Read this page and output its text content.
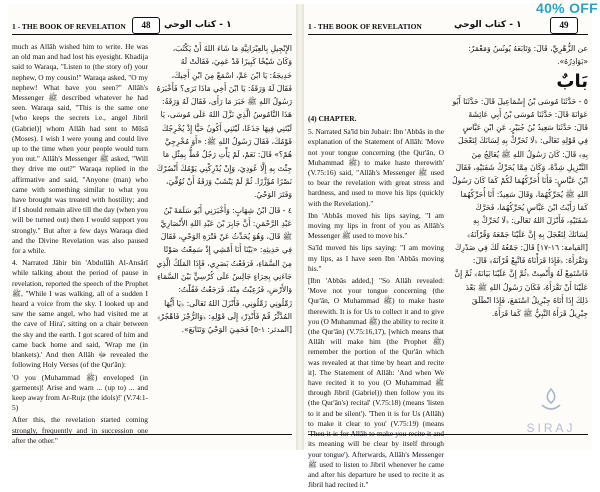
1 - THE BOOK OF REVELATION	48	١ - كتاب الوحي

much as Allâh wished him to write. He was an old man and had lost his eyesight. Khadija said to Waraqa, "Listen to (the story of) your nephew, O my cousin!" Waraqa asked, "O my nephew! What have you seen?" Allâh's Messenger ﷺ described whatever he had seen. Waraqa said, "This is the same one [who keeps the secrets i.e., angel Jibril (Gabriel)] whom Allâh had sent to Mûsâ (Moses). I wish I were young and could live up to the time when your people would turn you out." Allâh's Messenger ﷺ asked, "Will they drive me out?" Waraqa replied in the affirmative and said, "Anyone (man) who came with something similar to what you have brought was treated with hostility; and if I should remain alive till the day (when you will be turned out) then I would support you strongly." But after a few days Waraqa died and the Divine Revelation was also paused for a while.

4. Narrated Jâbir bin 'Abdullâh Al-Ansârî while talking about the period of pause in revelation, reported the speech of the Prophet ﷺ, "While I was walking, all of a sudden I heard a voice from the sky. I looked up and saw the same angel, who had visited me at the cave of Hira', sitting on a chair between the sky and the earth. I got scared of him and came back home and said, 'Wrap me (in blankets).' And then Allâh ﷻ revealed the following Holy Verses (of the Qur'ân):

'O you (Muhammad ﷺ) enveloped (in garments)! Arise and warn ... (up to) ... and keep away from Ar-Rujz (the idols)!' (V.74:1-5)

After this, the revelation started coming strongly, frequently and in succession one after the other."

الإِنْجِيلِ بِالعِبْرَانِيَّةِ مَا شَاءَ اللهُ أَنْ يَكْتُبَ، وَكَانَ شَيْخًا كَبِيرًا قَدْ عَمِيَ، فَقَالَتْ لَهُ خَدِيجَةُ: يَا ابْنَ عَمِّ، اسْمَعْ مِنَ ابْنِ أَخِيكَ، فَقَالَ لَهُ وَرَقَةُ: يَا ابْنَ أَخِي مَاذَا تَرَى؟ فَأَخْبَرَهُ رَسُولُ اللهِ ﷺ خَبَرَ مَا رَأَى، فَقَالَ لَهُ وَرَقَةُ: هَذَا النَّامُوسُ الَّذِي نَزَّلَ اللهُ عَلَى مُوسَى، يَا لَيْتَنِي فِيهَا جَذَعًا، لَيْتَنِي أَكُونُ حَيًّا إِذْ يُخْرِجُكَ قَوْمُكَ، فَقَالَ رَسُولُ اللهِ ﷺ: «أَوَ مُخْرِجِيَّ هُمْ؟» قَالَ: نَعَمْ، لَمْ يَأْتِ رَجُلٌ قَطُّ بِمِثْلِ مَا جِئْتَ بِهِ إِلَّا عُودِيَ، وَإِنْ يُدْرِكْنِي يَوْمُكَ أَنْصُرْكَ نَصْرًا مُؤَزَّرًا. ثُمَّ لَمْ يَنْشَبْ وَرَقَةُ أَنْ تُوُفِّيَ، وَفَتَرَ الوَحْيُ.

٤ - قَالَ ابْنُ شِهَابٍ: وَأَخْبَرَنِي أَبُو سَلَمَةَ بْنُ عَبْدِ الرَّحْمَنِ: أَنَّ جَابِرَ بْنَ عَبْدِ اللهِ الأَنْصَارِيَّ ﷺ قَالَ، وَهُوَ يُحَدِّثُ عَنْ فَتْرَةِ الوَحْيِ، فَقَالَ فِي حَدِيثِهِ: «بَيْنَا أَنَا أَمْشِي إِذْ سَمِعْتُ صَوْتًا مِنَ السَّمَاءِ، فَرَفَعْتُ بَصَرِي، فَإِذَا المَلَكُ الَّذِي جَاءَنِي بِحِرَاءٍ جَالِسٌ عَلَى كُرْسِيٍّ بَيْنَ السَّمَاءِ وَالأَرْضِ، فَرُعِبْتُ مِنْهُ، فَرَجَعْتُ فَقُلْتُ: زَمِّلُونِي زَمِّلُونِي، فَأَنْزَلَ اللهُ تَعَالَى: ﴿يَا أَيُّهَا المُدَّثِّرُ قُمْ فَأَنْذِرْ﴾ إِلَى قَوْلِهِ: ﴿وَالرُّجْزَ فَاهْجُرْ﴾ [المدثر: ١-٥] فَحَمِيَ الوَحْيُ وَتَتَابَعَ».

1 - THE BOOK OF REVELATION	١ - كتاب الوحي	49

(4) CHAPTER.

5. Narrated Sa'îd bin Jubair: Ibn 'Abbâs in the explanation of the Statement of Allâh: 'Move not your tongue concerning (the Qur'ân, O Muhammad ﷺ) to make haste therewith' (V.75:16) said, "Allâh's Messenger ﷺ used to bear the revelation with great stress and hardness, and used to move his lips (quickly with the Revelation)."

Ibn 'Abbâs moved his lips saying, "I am moving my lips in front of you as Allâh's Messenger ﷺ used to move his."

Sa'îd moved his lips saying: "I am moving my lips, as I have seen Ibn 'Abbâs moving his."

[Ibn 'Abbâs added,] "So Allâh revealed: 'Move not your tongue concerning (the Qur'ân, O Muhammad ﷺ) to make haste therewith. It is for Us to collect it and to give you (O Muhammad ﷺ) the ability to recite it (the Qur'ân) (V.75:16,17), [which means that Allâh will make him (the Prophet ﷺ) remember the portion of the Qur'ân which was revealed at that time by heart and recite it]. The Statement of Allâh: 'And when We have recited it to you (O Muhammad ﷺ through Jibril (Gabriel)) then follow you its (the Qur'ân's) recital' (V.75:18) (means 'listen to it and be silent'). 'Then it is for Us (Allâh) to make it clear to you' (V.75:19) (means 'Then it is for Allâh to make you recite it and its meaning will be clear by itself through your tongue'). Afterwards, Allâh's Messenger ﷺ used to listen to Jibril whenever he came and after his departure he used to recite it as Jibril had recited it."

عن الزُّهْرِيِّ، قَالَ: وَتَابَعَهُ يُونُسُ وَمَعْمَرٌ: «بَوَادِرُهُ».

بَابٌ

٥ - حَدَّثَنَا مُوسَى بْنُ إِسْمَاعِيلَ قَالَ: حَدَّثَنَا أَبُو عَوَانَةَ قَالَ: حَدَّثَنَا مُوسَى بْنُ أَبِي عَائِشَةَ قَالَ: حَدَّثَنَا سَعِيدُ بْنُ جُبَيْرٍ، عَنِ ابْنِ عَبَّاسٍ فِي قَوْلِهِ تَعَالَى: ﴿لَا تُحَرِّكْ بِهِ لِسَانَكَ لِتَعْجَلَ بِهِ﴾ قَالَ: كَانَ رَسُولُ اللهِ ﷺ يُعَالِجُ مِنَ التَّنْزِيلِ شِدَّةً، وَكَانَ مِمَّا يُحَرِّكُ شَفَتَيْهِ، فَقَالَ ابْنُ عَبَّاسٍ: فَأَنَا أُحَرِّكُهُمَا لَكُمْ كَمَا كَانَ رَسُولُ اللهِ ﷺ يُحَرِّكُهُمَا، وَقَالَ سَعِيدٌ: أَنَا أُحَرِّكُهُمَا كَمَا رَأَيْتُ ابْنَ عَبَّاسٍ يُحَرِّكُهُمَا، فَحَرَّكَ شَفَتَيْهِ، فَأَنْزَلَ اللهُ تَعَالَى: ﴿لَا تُحَرِّكْ بِهِ لِسَانَكَ لِتَعْجَلَ بِهِ إِنَّ عَلَيْنَا جَمْعَهُ وَقُرْآنَهُ﴾ [القيامة: ١٦-١٧] قَالَ: جَمْعُهُ لَكَ فِي صَدْرِكَ وَتَقْرَأَهُ: ﴿فَإِذَا قَرَأْنَاهُ فَاتَّبِعْ قُرْآنَهُ﴾ قَالَ: فَاسْتَمِعْ لَهُ وَأَنْصِتْ ﴿ثُمَّ إِنَّ عَلَيْنَا بَيَانَهُ﴾ ثُمَّ إِنَّ عَلَيْنَا أَنْ تَقْرَأَهُ، فَكَانَ رَسُولُ اللهِ ﷺ بَعْدَ ذَلِكَ إِذَا أَتَاهُ جِبْرِيلُ اسْتَمَعَ، فَإِذَا انْطَلَقَ جِبْرِيلُ قَرَأَهُ النَّبِيُّ ﷺ كَمَا قَرَأَهُ.

40% OFF
SIRAJ
